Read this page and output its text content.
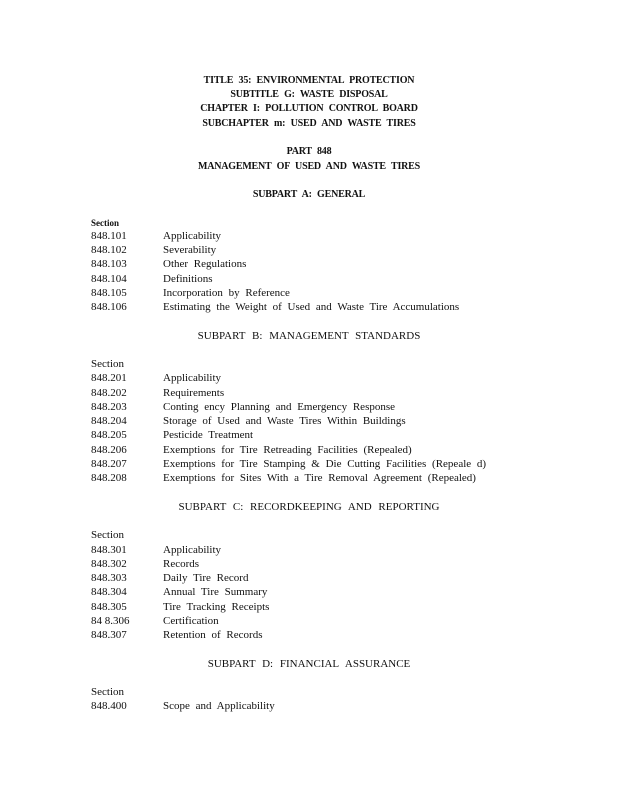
TITLE 35: ENVIRONMENTAL PROTECTION
SUBTITLE G: WASTE DISPOSAL
CHAPTER I: POLLUTION CONTROL BOARD
SUBCHAPTER m: USED AND WASTE TIRES
PART 848
MANAGEMENT OF USED AND WASTE TIRES
SUBPART A: GENERAL
Section
848.101	Applicability
848.102	Severability
848.103	Other Regulations
848.104	Definitions
848.105	Incorporation by Reference
848.106	Estimating the Weight of Used and Waste Tire Accumulations
SUBPART B: MANAGEMENT STANDARDS
Section
848.201	Applicability
848.202	Requirements
848.203	Conting ency Planning and Emergency Response
848.204	Storage of Used and Waste Tires Within Buildings
848.205	Pesticide Treatment
848.206	Exemptions for Tire Retreading Facilities (Repealed)
848.207	Exemptions for Tire Stamping & Die Cutting Facilities (Repeale d)
848.208	Exemptions for Sites With a Tire Removal Agreement (Repealed)
SUBPART C: RECORDKEEPING AND REPORTING
Section
848.301	Applicability
848.302	Records
848.303	Daily Tire Record
848.304	Annual Tire Summary
848.305	Tire Tracking Receipts
84 8.306	Certification
848.307	Retention of Records
SUBPART D: FINANCIAL ASSURANCE
Section
848.400	Scope and Applicability
